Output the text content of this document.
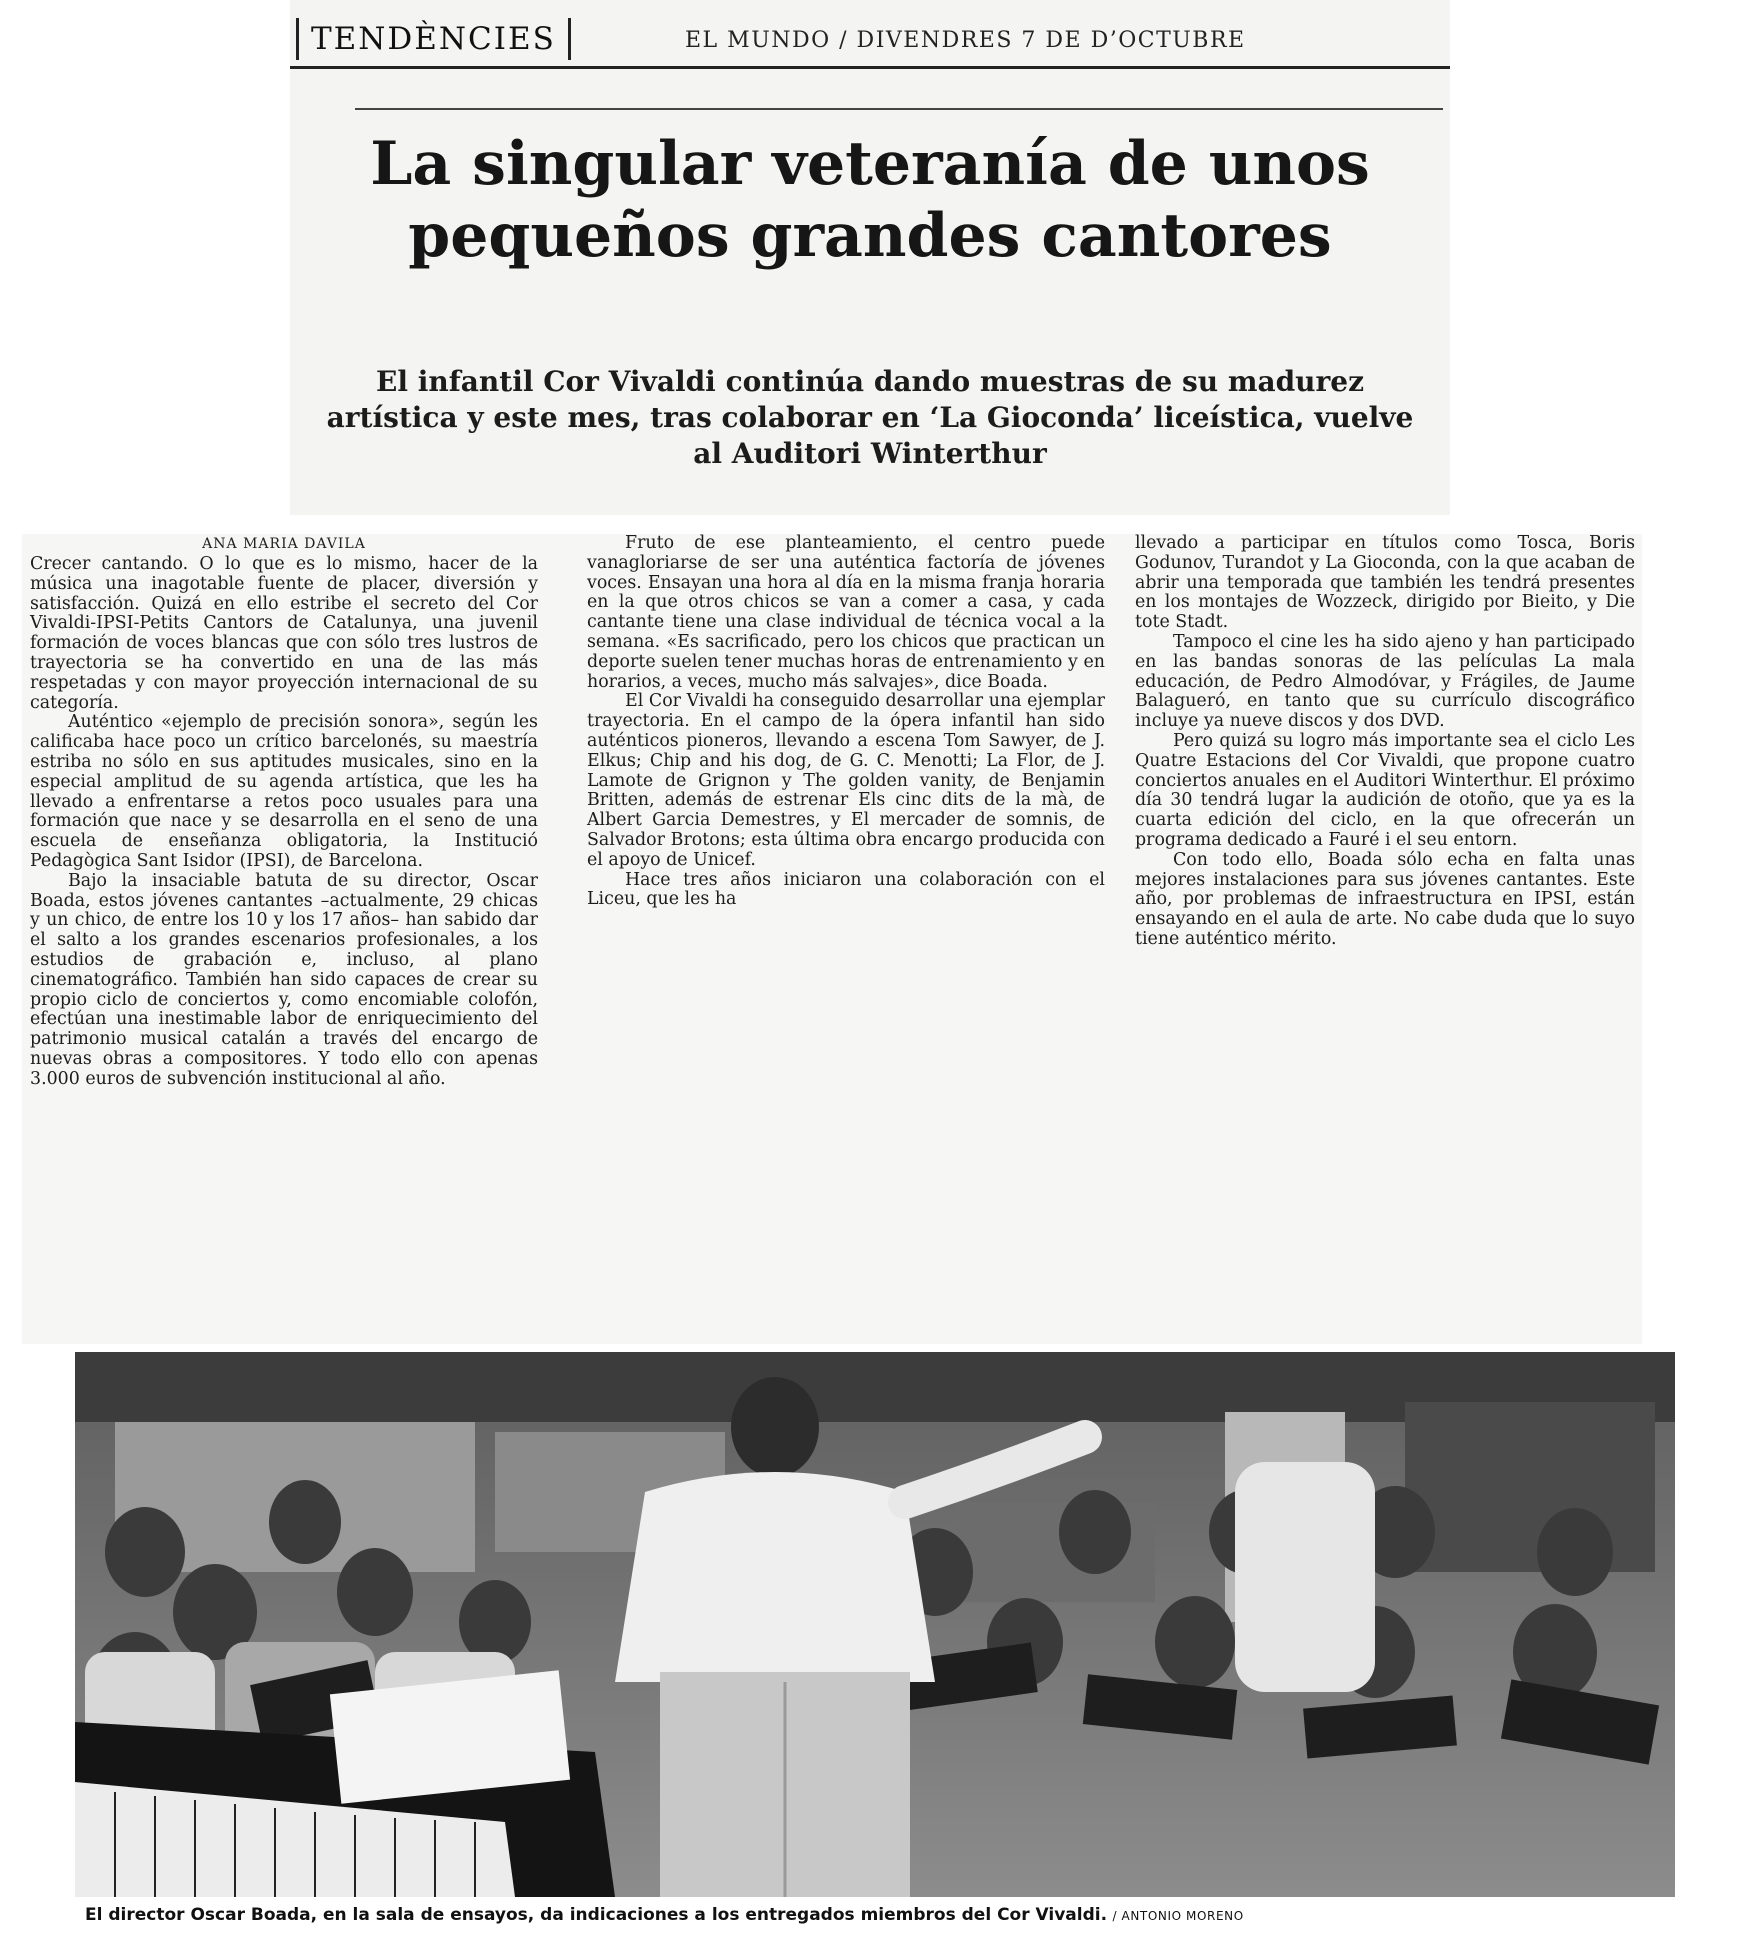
TENDÈNCIES	EL MUNDO / DIVENDRES 7 DE D’OCTUBRE
La singular veteranía de unos pequeños grandes cantores
El infantil Cor Vivaldi continúa dando muestras de su madurez artística y este mes, tras colaborar en ‘La Gioconda’ liceística, vuelve al Auditori Winterthur
ANA MARIA DAVILA

Crecer cantando. O lo que es lo mismo, hacer de la música una inagotable fuente de placer, diversión y satisfacción. Quizá en ello estribe el secreto del Cor Vivaldi-IPSI-Petits Cantors de Catalunya, una juvenil formación de voces blancas que con sólo tres lustros de trayectoria se ha convertido en una de las más respetadas y con mayor proyección internacional de su categoría.

Auténtico «ejemplo de precisión sonora», según les calificaba hace poco un crítico barcelonés, su maestría estriba no sólo en sus aptitudes musicales, sino en la especial amplitud de su agenda artística, que les ha llevado a enfrentarse a retos poco usuales para una formación que nace y se desarrolla en el seno de una escuela de enseñanza obligatoria, la Institució Pedagògica Sant Isidor (IPSI), de Barcelona.

Bajo la insaciable batuta de su director, Oscar Boada, estos jóvenes cantantes –actualmente, 29 chicas y un chico, de entre los 10 y los 17 años– han sabido dar el salto a los grandes escenarios profesionales, a los estudios de grabación e, incluso, al plano cinematográfico. También han sido capaces de crear su propio ciclo de conciertos y, como encomiable colofón, efectúan una inestimable labor de enriquecimiento del patrimonio musical catalán a través del encargo de nuevas obras a compositores. Y todo ello con apenas 3.000 euros de subvención institucional al año.

Fruto de ese planteamiento, el centro puede vanagloriarse de ser una auténtica factoría de jóvenes voces. Ensayan una hora al día en la misma franja horaria en la que otros chicos se van a comer a casa, y cada cantante tiene una clase individual de técnica vocal a la semana. «Es sacrificado, pero los chicos que practican un deporte suelen tener muchas horas de entrenamiento y en horarios, a veces, mucho más salvajes», dice Boada.

El Cor Vivaldi ha conseguido desarrollar una ejemplar trayectoria. En el campo de la ópera infantil han sido auténticos pioneros, llevando a escena Tom Sawyer, de J. Elkus; Chip and his dog, de G. C. Menotti; La Flor, de J. Lamote de Grignon y The golden vanity, de Benjamin Britten, además de estrenar Els cinc dits de la mà, de Albert Garcia Demestres, y El mercader de somnis, de Salvador Brotons; esta última obra encargo producida con el apoyo de Unicef.

Hace tres años iniciaron una colaboración con el Liceu, que les ha

llevado a participar en títulos como Tosca, Boris Godunov, Turandot y La Gioconda, con la que acaban de abrir una temporada que también les tendrá presentes en los montajes de Wozzeck, dirigido por Bieito, y Die tote Stadt.

Tampoco el cine les ha sido ajeno y han participado en las bandas sonoras de las películas La mala educación, de Pedro Almodóvar, y Frágiles, de Jaume Balagueró, en tanto que su currículo discográfico incluye ya nueve discos y dos DVD.

Pero quizá su logro más importante sea el ciclo Les Quatre Estacions del Cor Vivaldi, que propone cuatro conciertos anuales en el Auditori Winterthur. El próximo día 30 tendrá lugar la audición de otoño, que ya es la cuarta edición del ciclo, en la que ofrecerán un programa dedicado a Fauré i el seu entorn.

Con todo ello, Boada sólo echa en falta unas mejores instalaciones para sus jóvenes cantantes. Este año, por problemas de infraestructura en IPSI, están ensayando en el aula de arte. No cabe duda que lo suyo tiene auténtico mérito.

El director Oscar Boada, en la sala de ensayos, da indicaciones a los entregados miembros del Cor Vivaldi. / ANTONIO MORENO
